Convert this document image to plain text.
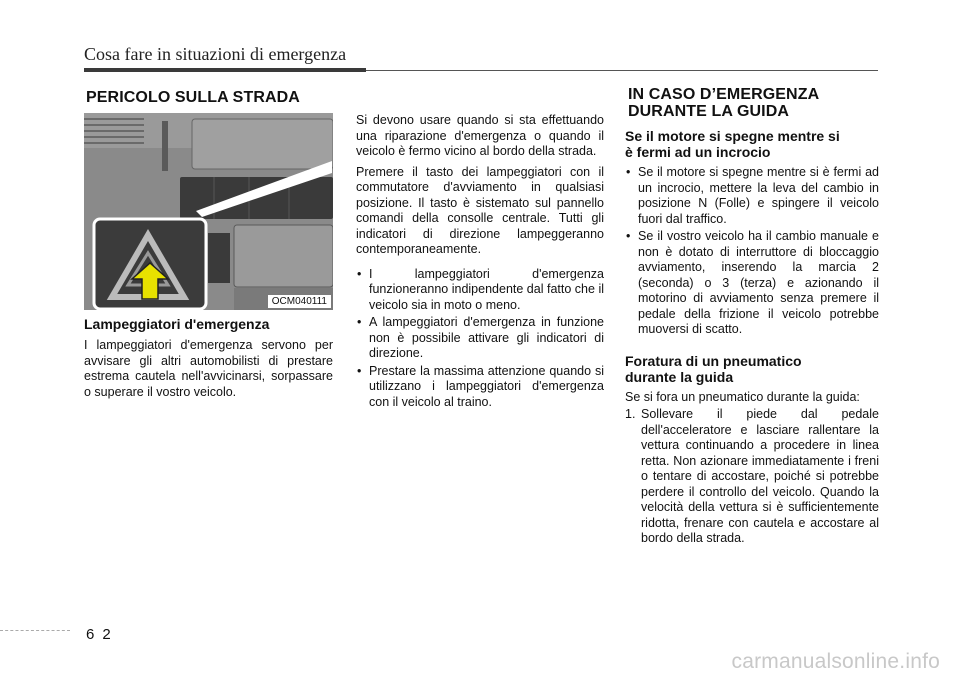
Cosa fare in situazioni di emergenza
PERICOLO SULLA STRADA
OCM040111
Lampeggiatori d'emergenza

I lampeggiatori d'emergenza servono per avvisare gli altri automobilisti di prestare estrema cautela nell'avvicinarsi, sorpassare o superare il vostro veicolo.

Si devono usare quando si sta effettuando una riparazione d'emergenza o quando il veicolo è fermo vicino al bordo della strada.

Premere il tasto dei lampeggiatori con il commutatore d'avviamento in qualsiasi posizione. Il tasto è sistemato sul pannello comandi della consolle centrale. Tutti gli indicatori di direzione lampeggeranno contemporaneamente.

• I lampeggiatori d'emergenza funzioneranno indipendente dal fatto che il veicolo sia in moto o meno.
• A lampeggiatori d'emergenza in funzione non è possibile attivare gli indicatori di direzione.
• Prestare la massima attenzione quando si utilizzano i lampeggiatori d'emergenza con il veicolo al traino.
IN CASO D’EMERGENZA
DURANTE LA GUIDA
Se il motore si spegne mentre si
è fermi ad un incrocio
• Se il motore si spegne mentre si è fermi ad un incrocio, mettere la leva del cambio in posizione N (Folle) e spingere il veicolo fuori dal traffico.
• Se il vostro veicolo ha il cambio manuale e non è dotato di interruttore di bloccaggio avviamento, inserendo la marcia 2 (seconda) o 3 (terza) e azionando il motorino di avviamento senza premere il pedale della frizione il veicolo potrebbe muoversi di scatto.
Foratura di un pneumatico
durante la guida

Se si fora un pneumatico durante la guida:

1. Sollevare il piede dal pedale dell'acceleratore e lasciare rallentare la vettura continuando a procedere in linea retta. Non azionare immediatamente i freni o tentare di accostare, poiché si potrebbe perdere il controllo del veicolo. Quando la velocità della vettura si è sufficientemente ridotta, frenare con cautela e accostare al bordo della strada.
6 2
carmanualsonline.info
